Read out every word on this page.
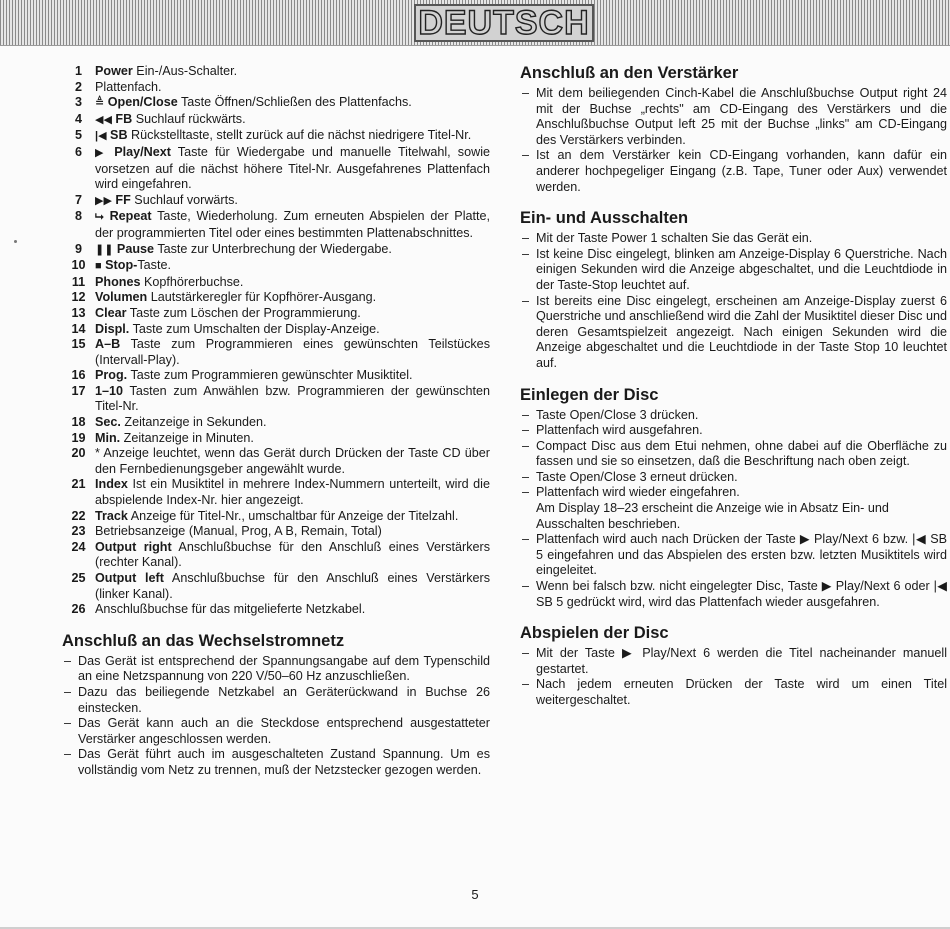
DEUTSCH
1	Power Ein-/Aus-Schalter.
2	Plattenfach.
3	≜ Open/Close Taste Öffnen/Schließen des Plattenfachs.
4	◀◀ FB Suchlauf rückwärts.
5	|◀ SB Rückstelltaste, stellt zurück auf die nächst niedrigere Titel-Nr.
6	▶ Play/Next Taste für Wiedergabe und manuelle Titelwahl, sowie vorsetzen auf die nächst höhere Titel-Nr. Ausgefahrenes Plattenfach wird eingefahren.
7	▶▶ FF Suchlauf vorwärts.
8	⮡ Repeat Taste, Wiederholung. Zum erneuten Abspielen der Platte, der programmierten Titel oder eines bestimmten Plattenabschnittes.
9	❚❚ Pause Taste zur Unterbrechung der Wiedergabe.
10 ■ Stop-Taste.
11 Phones Kopfhörerbuchse.
12 Volumen Lautstärkeregler für Kopfhörer-Ausgang.
13 Clear Taste zum Löschen der Programmierung.
14 Displ. Taste zum Umschalten der Display-Anzeige.
15 A–B Taste zum Programmieren eines gewünschten Teilstückes (Intervall-Play).
16 Prog. Taste zum Programmieren gewünschter Musiktitel.
17 1–10 Tasten zum Anwählen bzw. Programmieren der gewünschten Titel-Nr.
18 Sec. Zeitanzeige in Sekunden.
19 Min. Zeitanzeige in Minuten.
20 * Anzeige leuchtet, wenn das Gerät durch Drücken der Taste CD über den Fernbedienungsgeber angewählt wurde.
21 Index Ist ein Musiktitel in mehrere Index-Nummern unterteilt, wird die abspielende Index-Nr. hier angezeigt.
22 Track Anzeige für Titel-Nr., umschaltbar für Anzeige der Titelzahl.
23 Betriebsanzeige (Manual, Prog, A B, Remain, Total)
24 Output right Anschlußbuchse für den Anschluß eines Verstärkers (rechter Kanal).
25 Output left Anschlußbuchse für den Anschluß eines Verstärkers (linker Kanal).
26 Anschlußbuchse für das mitgelieferte Netzkabel.
Anschluß an das Wechselstromnetz
– Das Gerät ist entsprechend der Spannungsangabe auf dem Typenschild an eine Netzspannung von 220 V/50–60 Hz anzuschließen.
– Dazu das beiliegende Netzkabel an Geräterückwand in Buchse 26 einstecken.
– Das Gerät kann auch an die Steckdose entsprechend ausgestatteter Verstärker angeschlossen werden.
– Das Gerät führt auch im ausgeschalteten Zustand Spannung. Um es vollständig vom Netz zu trennen, muß der Netzstecker gezogen werden.
Anschluß an den Verstärker
– Mit dem beiliegenden Cinch-Kabel die Anschlußbuchse Output right 24 mit der Buchse „rechts" am CD-Eingang des Verstärkers und die Anschlußbuchse Output left 25 mit der Buchse „links" am CD-Eingang des Verstärkers verbinden.
– Ist an dem Verstärker kein CD-Eingang vorhanden, kann dafür ein anderer hochpegeliger Eingang (z.B. Tape, Tuner oder Aux) verwendet werden.
Ein- und Ausschalten
– Mit der Taste Power 1 schalten Sie das Gerät ein.
– Ist keine Disc eingelegt, blinken am Anzeige-Display 6 Querstriche. Nach einigen Sekunden wird die Anzeige abgeschaltet, und die Leuchtdiode in der Taste-Stop leuchtet auf.
– Ist bereits eine Disc eingelegt, erscheinen am Anzeige-Display zuerst 6 Querstriche und anschließend wird die Zahl der Musiktitel dieser Disc und deren Gesamtspielzeit angezeigt. Nach einigen Sekunden wird die Anzeige abgeschaltet und die Leuchtdiode in der Taste Stop 10 leuchtet auf.
Einlegen der Disc
– Taste Open/Close 3 drücken.
– Plattenfach wird ausgefahren.
– Compact Disc aus dem Etui nehmen, ohne dabei auf die Oberfläche zu fassen und sie so einsetzen, daß die Beschriftung nach oben zeigt.
– Taste Open/Close 3 erneut drücken.
– Plattenfach wird wieder eingefahren.
Am Display 18–23 erscheint die Anzeige wie in Absatz Ein- und Ausschalten beschrieben.
– Plattenfach wird auch nach Drücken der Taste ▶ Play/Next 6 bzw. |◀ SB 5 eingefahren und das Abspielen des ersten bzw. letzten Musiktitels wird eingeleitet.
– Wenn bei falsch bzw. nicht eingelegter Disc, Taste ▶ Play/Next 6 oder |◀ SB 5 gedrückt wird, wird das Plattenfach wieder ausgefahren.
Abspielen der Disc
– Mit der Taste ▶ Play/Next 6 werden die Titel nacheinander manuell gestartet.
– Nach jedem erneuten Drücken der Taste wird um einen Titel weitergeschaltet.
5
